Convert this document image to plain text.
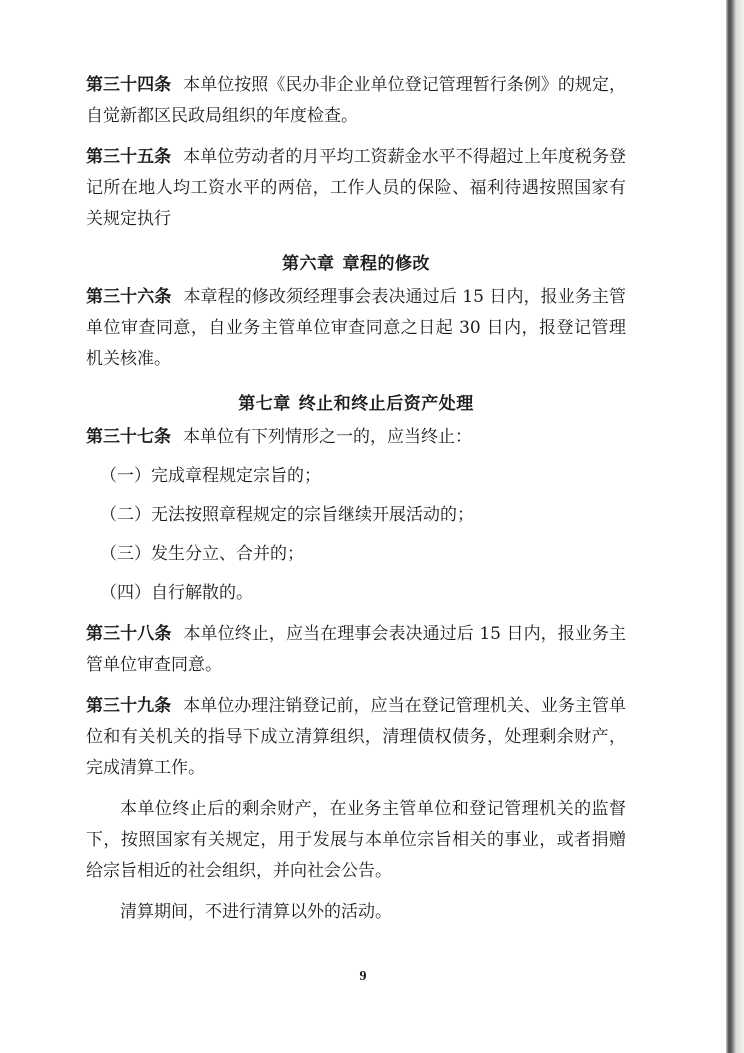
第三十四条 本单位按照《民办非企业单位登记管理暂行条例》的规定，自觉新都区民政局组织的年度检查。

第三十五条 本单位劳动者的月平均工资薪金水平不得超过上年度税务登记所在地人均工资水平的两倍，工作人员的保险、福利待遇按照国家有关规定执行

第六章 章程的修改

第三十六条 本章程的修改须经理事会表决通过后 15 日内，报业务主管单位审查同意，自业务主管单位审查同意之日起 30 日内，报登记管理机关核准。

第七章 终止和终止后资产处理

第三十七条 本单位有下列情形之一的，应当终止：

（一）完成章程规定宗旨的；

（二）无法按照章程规定的宗旨继续开展活动的；

（三）发生分立、合并的；

（四）自行解散的。

第三十八条 本单位终止，应当在理事会表决通过后 15 日内，报业务主管单位审查同意。

第三十九条 本单位办理注销登记前，应当在登记管理机关、业务主管单位和有关机关的指导下成立清算组织，清理债权债务，处理剩余财产，完成清算工作。

本单位终止后的剩余财产，在业务主管单位和登记管理机关的监督下，按照国家有关规定，用于发展与本单位宗旨相关的事业，或者捐赠给宗旨相近的社会组织，并向社会公告。

清算期间，不进行清算以外的活动。

9
